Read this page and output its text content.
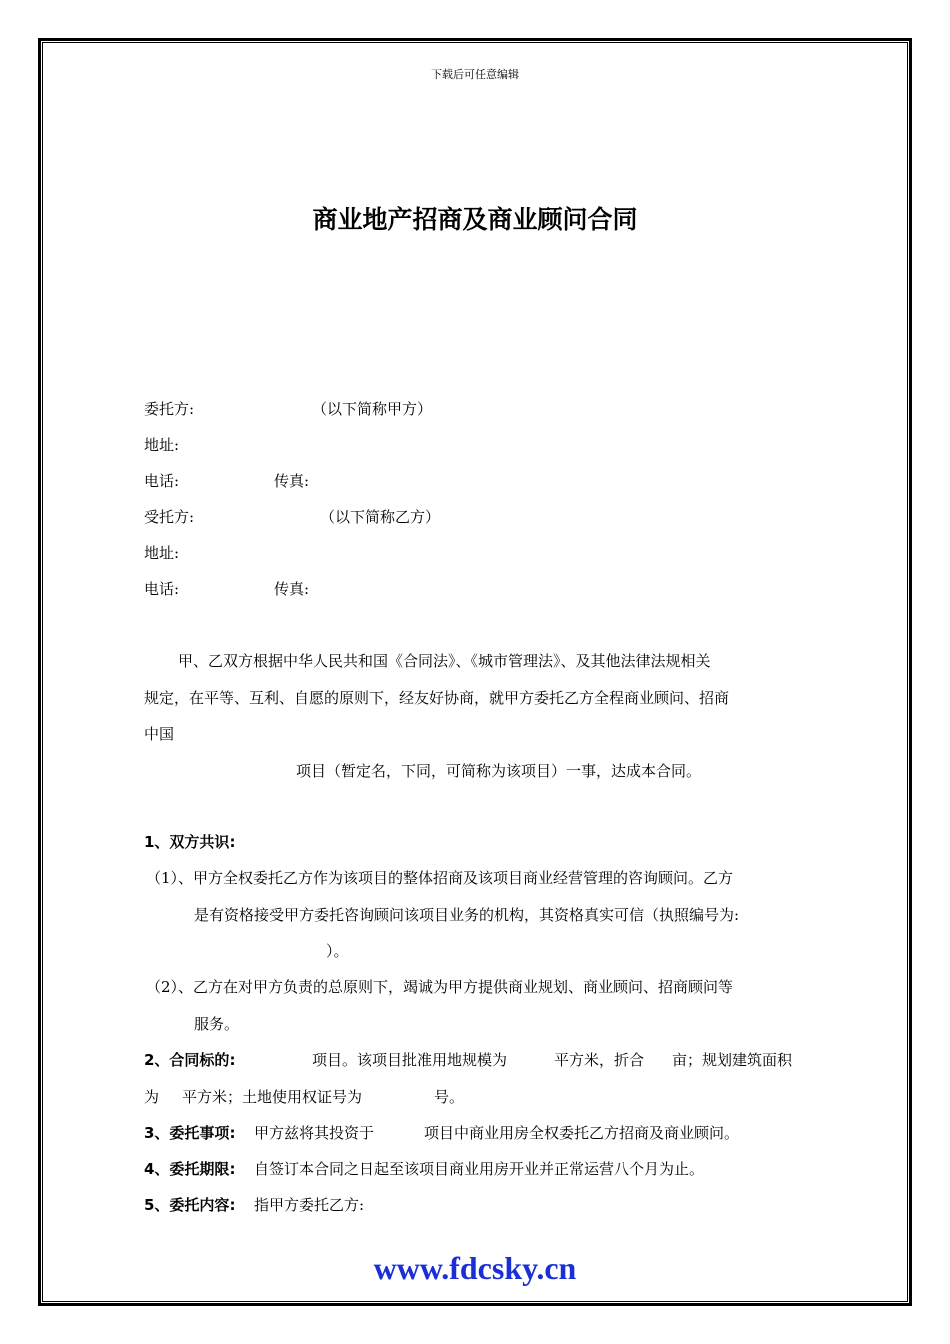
下载后可任意编辑
商业地产招商及商业顾问合同
委托方:	（以下简称甲方）
地址:
电话:	传真:
受托方:	（以下简称乙方）
地址:
电话:	传真:
甲、乙双方根据中华人民共和国《合同法》、《城市管理法》、及其他法律法规相关
规定，在平等、互利、自愿的原则下，经友好协商，就甲方委托乙方全程商业顾问、招商
中国
项目（暂定名，下同，可简称为该项目）一事，达成本合同。
1、双方共识:
（1）、甲方全权委托乙方作为该项目的整体招商及该项目商业经营管理的咨询顾问。乙方
是有资格接受甲方委托咨询顾问该项目业务的机构，其资格真实可信（执照编号为:
）。
（2）、乙方在对甲方负责的总原则下，竭诚为甲方提供商业规划、商业顾问、招商顾问等
服务。
2、合同标的:	项目。该项目批准用地规模为	平方米，折合 亩；规划建筑面积
为 平方米；土地使用权证号为	号。
3、委托事项: 甲方兹将其投资于	项目中商业用房全权委托乙方招商及商业顾问。
4、委托期限: 自签订本合同之日起至该项目商业用房开业并正常运营八个月为止。
5、委托内容: 指甲方委托乙方:
www.fdcsky.cn
